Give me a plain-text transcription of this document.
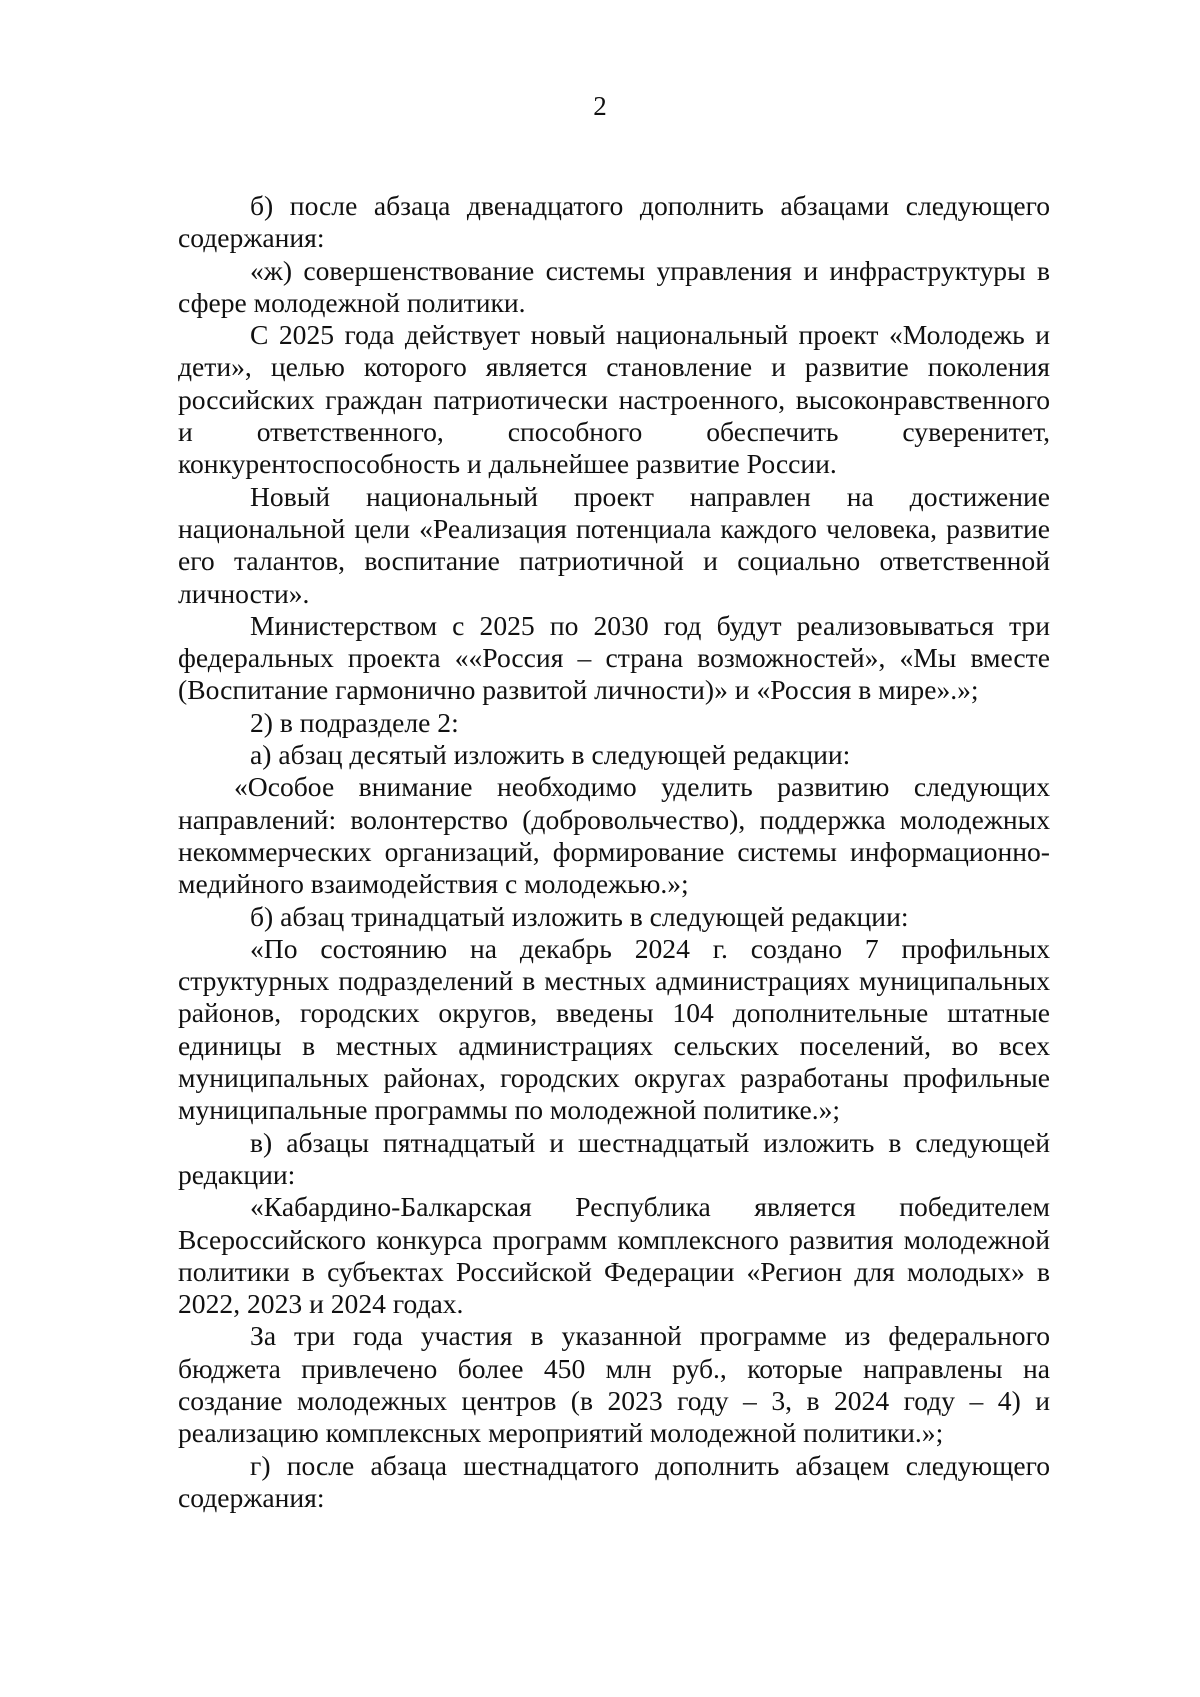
2

б) после абзаца двенадцатого дополнить абзацами следующего содержания:

«ж) совершенствование системы управления и инфраструктуры в сфере молодежной политики.

С 2025 года действует новый национальный проект «Молодежь и дети», целью которого является становление и развитие поколения российских граждан патриотически настроенного, высоконравственного и ответственного, способного обеспечить суверенитет, конкурентоспособность и дальнейшее развитие России.

Новый национальный проект направлен на достижение национальной цели «Реализация потенциала каждого человека, развитие его талантов, воспитание патриотичной и социально ответственной личности».

Министерством с 2025 по 2030 год будут реализовываться три федеральных проекта ««Россия – страна возможностей», «Мы вместе (Воспитание гармонично развитой личности)» и «Россия в мире».»;

2) в подразделе 2:

а) абзац десятый изложить в следующей редакции:

«Особое внимание необходимо уделить развитию следующих направлений: волонтерство (добровольчество), поддержка молодежных некоммерческих организаций, формирование системы информационно-медийного взаимодействия с молодежью.»;

б) абзац тринадцатый изложить в следующей редакции:

«По состоянию на декабрь 2024 г. создано 7 профильных структурных подразделений в местных администрациях муниципальных районов, городских округов, введены 104 дополнительные штатные единицы в местных администрациях сельских поселений, во всех муниципальных районах, городских округах разработаны профильные муниципальные программы по молодежной политике.»;

в) абзацы пятнадцатый и шестнадцатый изложить в следующей редакции:

«Кабардино-Балкарская Республика является победителем Всероссийского конкурса программ комплексного развития молодежной политики в субъектах Российской Федерации «Регион для молодых» в 2022, 2023 и 2024 годах.

За три года участия в указанной программе из федерального бюджета привлечено более 450 млн руб., которые направлены на создание молодежных центров (в 2023 году – 3, в 2024 году – 4) и реализацию комплексных мероприятий молодежной политики.»;

г) после абзаца шестнадцатого дополнить абзацем следующего содержания:
